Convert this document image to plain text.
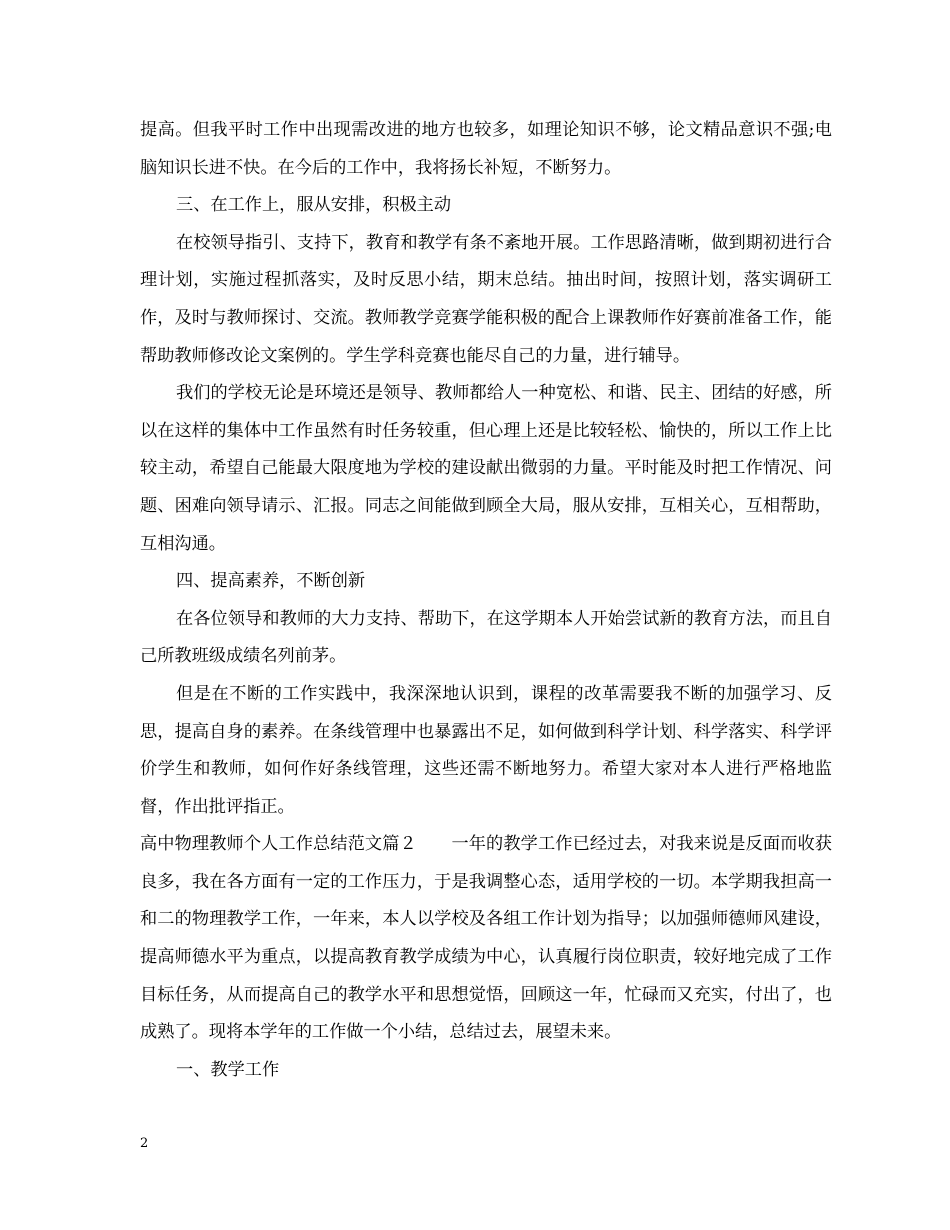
提高。但我平时工作中出现需改进的地方也较多，如理论知识不够，论文精品意识不强;电脑知识长进不快。在今后的工作中，我将扬长补短，不断努力。

三、在工作上，服从安排，积极主动

在校领导指引、支持下，教育和教学有条不紊地开展。工作思路清晰，做到期初进行合理计划，实施过程抓落实，及时反思小结，期末总结。抽出时间，按照计划，落实调研工作，及时与教师探讨、交流。教师教学竞赛学能积极的配合上课教师作好赛前准备工作，能帮助教师修改论文案例的。学生学科竞赛也能尽自己的力量，进行辅导。

我们的学校无论是环境还是领导、教师都给人一种宽松、和谐、民主、团结的好感，所以在这样的集体中工作虽然有时任务较重，但心理上还是比较轻松、愉快的，所以工作上比较主动，希望自己能最大限度地为学校的建设献出微弱的力量。平时能及时把工作情况、问题、困难向领导请示、汇报。同志之间能做到顾全大局，服从安排，互相关心，互相帮助，互相沟通。

四、提高素养，不断创新

在各位领导和教师的大力支持、帮助下，在这学期本人开始尝试新的教育方法，而且自己所教班级成绩名列前茅。

但是在不断的工作实践中，我深深地认识到，课程的改革需要我不断的加强学习、反思，提高自身的素养。在条线管理中也暴露出不足，如何做到科学计划、科学落实、科学评价学生和教师，如何作好条线管理，这些还需不断地努力。希望大家对本人进行严格地监督，作出批评指正。

高中物理教师个人工作总结范文篇２　　一年的教学工作已经过去，对我来说是反面而收获良多，我在各方面有一定的工作压力，于是我调整心态，适用学校的一切。本学期我担高一和二的物理教学工作，一年来，本人以学校及各组工作计划为指导；以加强师德师风建设，提高师德水平为重点，以提高教育教学成绩为中心，认真履行岗位职责，较好地完成了工作目标任务，从而提高自己的教学水平和思想觉悟，回顾这一年，忙碌而又充实，付出了，也成熟了。现将本学年的工作做一个小结，总结过去，展望未来。

一、教学工作

2
